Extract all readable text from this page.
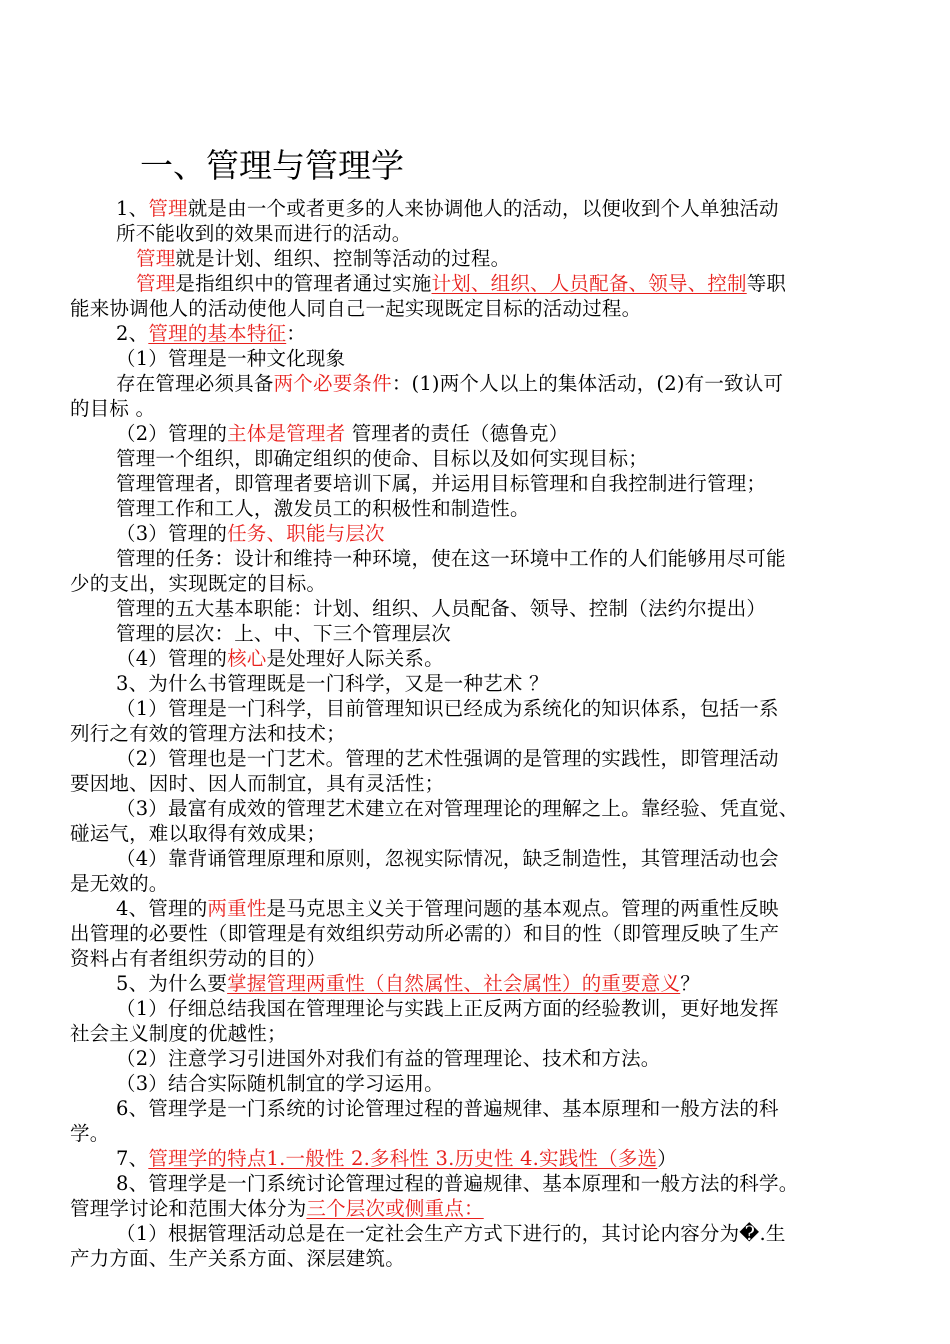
一、管理与管理学
1、管理就是由一个或者更多的人来协调他人的活动，以便收到个人单独活动
所不能收到的效果而进行的活动。
管理就是计划、组织、控制等活动的过程。
管理是指组织中的管理者通过实施计划、组织、人员配备、领导、控制等职
能来协调他人的活动使他人同自己一起实现既定目标的活动过程。
2、管理的基本特征：
（1）管理是一种文化现象
存在管理必须具备两个必要条件：(1)两个人以上的集体活动，(2)有一致认可
的目标 。
（2）管理的主体是管理者 管理者的责任（德鲁克）
管理一个组织，即确定组织的使命、目标以及如何实现目标；
管理管理者，即管理者要培训下属，并运用目标管理和自我控制进行管理；
管理工作和工人，激发员工的积极性和制造性。
（3）管理的任务、职能与层次
管理的任务：设计和维持一种环境，使在这一环境中工作的人们能够用尽可能
少的支出，实现既定的目标。
管理的五大基本职能：计划、组织、人员配备、领导、控制（法约尔提出）
管理的层次：上、中、下三个管理层次
（4）管理的核心是处理好人际关系。
3、为什么书管理既是一门科学，又是一种艺术 ？
（1）管理是一门科学，目前管理知识已经成为系统化的知识体系，包括一系
列行之有效的管理方法和技术；
（2）管理也是一门艺术。管理的艺术性强调的是管理的实践性，即管理活动
要因地、因时、因人而制宜，具有灵活性；
（3）最富有成效的管理艺术建立在对管理理论的理解之上。靠经验、凭直觉、
碰运气，难以取得有效成果；
（4）靠背诵管理原理和原则，忽视实际情况，缺乏制造性，其管理活动也会
是无效的。
4、管理的两重性是马克思主义关于管理问题的基本观点。管理的两重性反映
出管理的必要性（即管理是有效组织劳动所必需的）和目的性（即管理反映了生产
资料占有者组织劳动的目的）
5、为什么要掌握管理两重性（自然属性、社会属性）的重要意义？
（1）仔细总结我国在管理理论与实践上正反两方面的经验教训，更好地发挥
社会主义制度的优越性；
（2）注意学习引进国外对我们有益的管理理论、技术和方法。
（3）结合实际随机制宜的学习运用。
6、管理学是一门系统的讨论管理过程的普遍规律、基本原理和一般方法的科
学。
7、管理学的特点1.一般性 2.多科性 3.历史性 4.实践性（多选）
8、管理学是一门系统讨论管理过程的普遍规律、基本原理和一般方法的科学。
管理学讨论和范围大体分为三个层次或侧重点：
（1）根据管理活动总是在一定社会生产方式下进行的，其讨论内容分为�.生
产力方面、生产关系方面、深层建筑。
